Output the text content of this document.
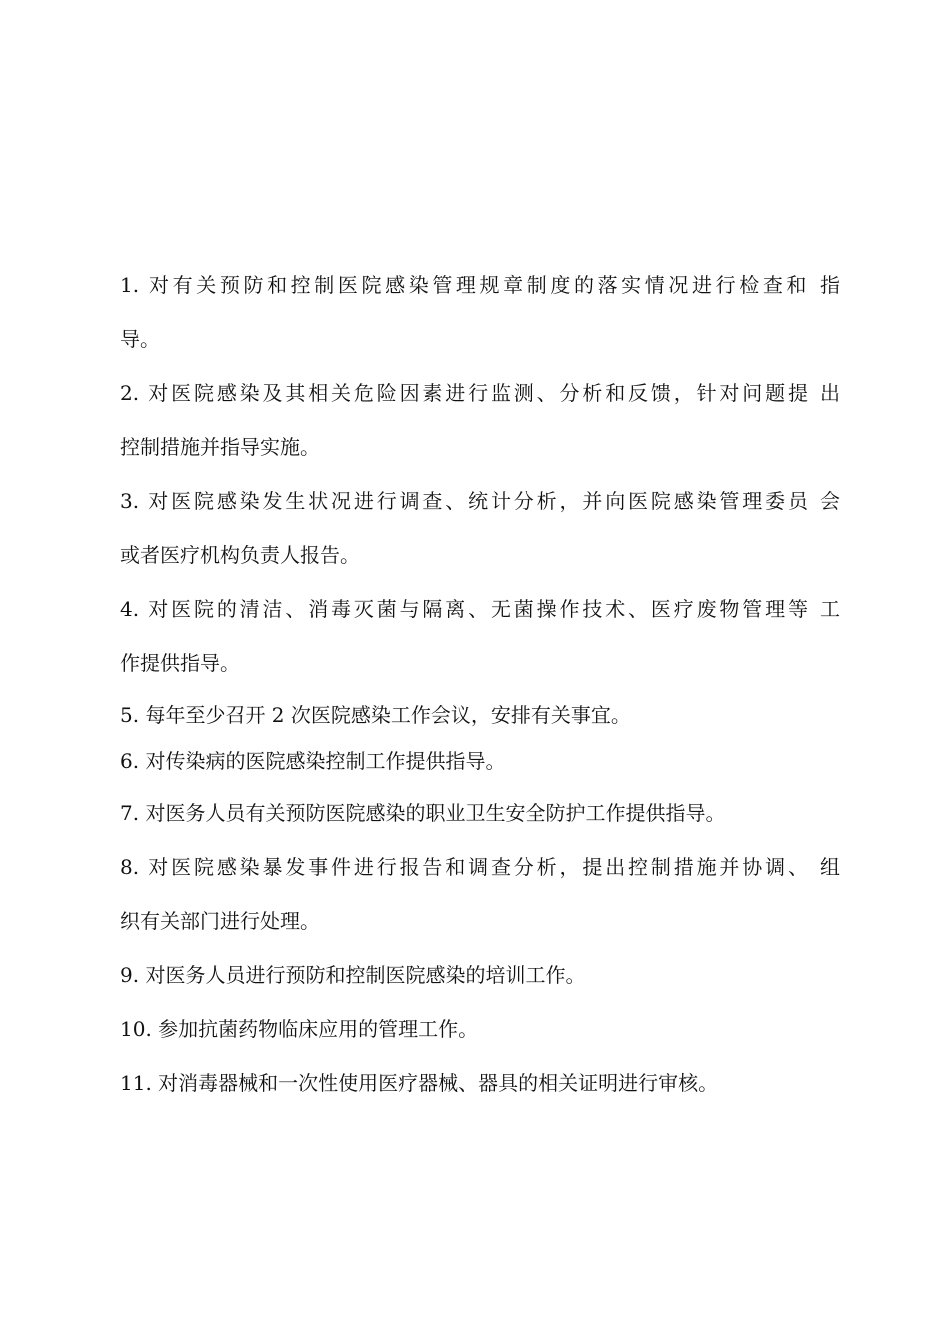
1. 对有关预防和控制医院感染管理规章制度的落实情况进行检查和 指
导。
2. 对医院感染及其相关危险因素进行监测、分析和反馈，针对问题提 出
控制措施并指导实施。
3. 对医院感染发生状况进行调查、统计分析，并向医院感染管理委员 会
或者医疗机构负责人报告。
4. 对医院的清洁、消毒灭菌与隔离、无菌操作技术、医疗废物管理等 工
作提供指导。
5. 每年至少召开 2 次医院感染工作会议，安排有关事宜。
6. 对传染病的医院感染控制工作提供指导。
7. 对医务人员有关预防医院感染的职业卫生安全防护工作提供指导。
8. 对医院感染暴发事件进行报告和调查分析，提出控制措施并协调、 组
织有关部门进行处理。
9. 对医务人员进行预防和控制医院感染的培训工作。
10. 参加抗菌药物临床应用的管理工作。
11. 对消毒器械和一次性使用医疗器械、器具的相关证明进行审核。
